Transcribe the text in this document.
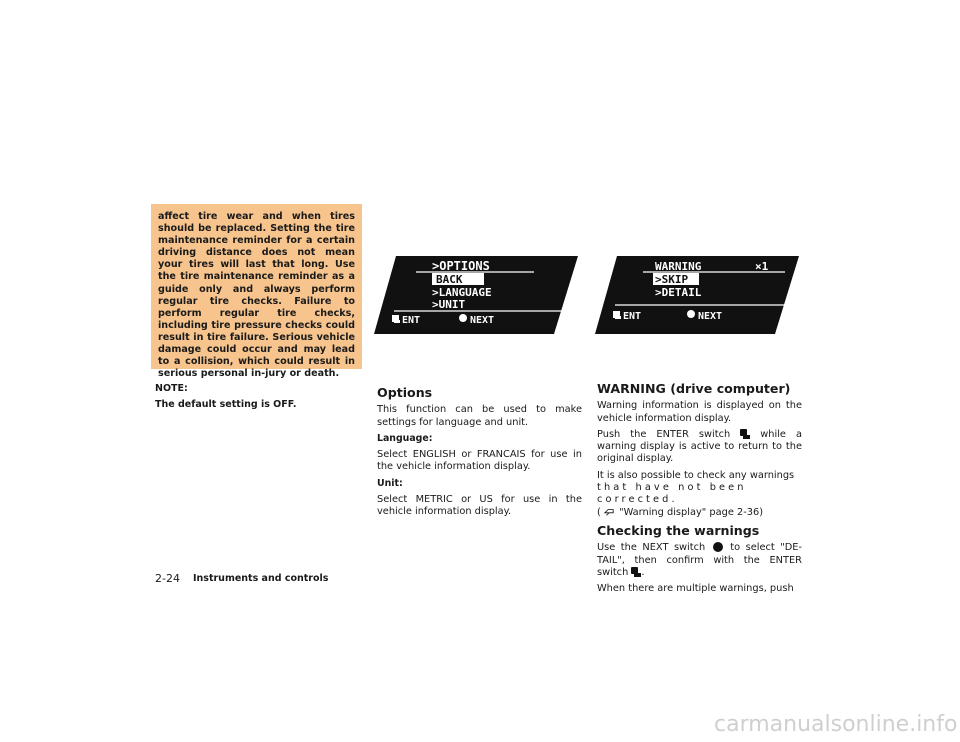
affect tire wear and when tires should be replaced. Setting the tire maintenance reminder for a certain driving distance does not mean your tires will last that long. Use the tire maintenance reminder as a guide only and always perform regular tire checks. Failure to perform regular tire checks, including tire pressure checks could result in tire failure. Serious vehicle damage could occur and may lead to a collision, which could result in serious personal in-jury or death.

NOTE:
The default setting is OFF.
>OPTIONS
BACK
>LANGUAGE
>UNIT
ENT	NEXT
WARNING	×1
>SKIP
>DETAIL
ENT	NEXT
Options

This function can be used to make settings for language and unit.

Language:

Select ENGLISH or FRANCAIS for use in the vehicle information display.

Unit:

Select METRIC or US for use in the vehicle information display.

WARNING (drive computer)

Warning information is displayed on the vehicle information display.

Push the ENTER switch	while a warning display is active to return to the original display.

It is also possible to check any warnings

that have not been corrected.

( "Warning display" page 2-36)

Checking the warnings

Use the NEXT switch	to select "DE-TAIL", then confirm with the ENTER switch .

When there are multiple warnings, push

2-24 Instruments and controls
carmanualsonline.info
